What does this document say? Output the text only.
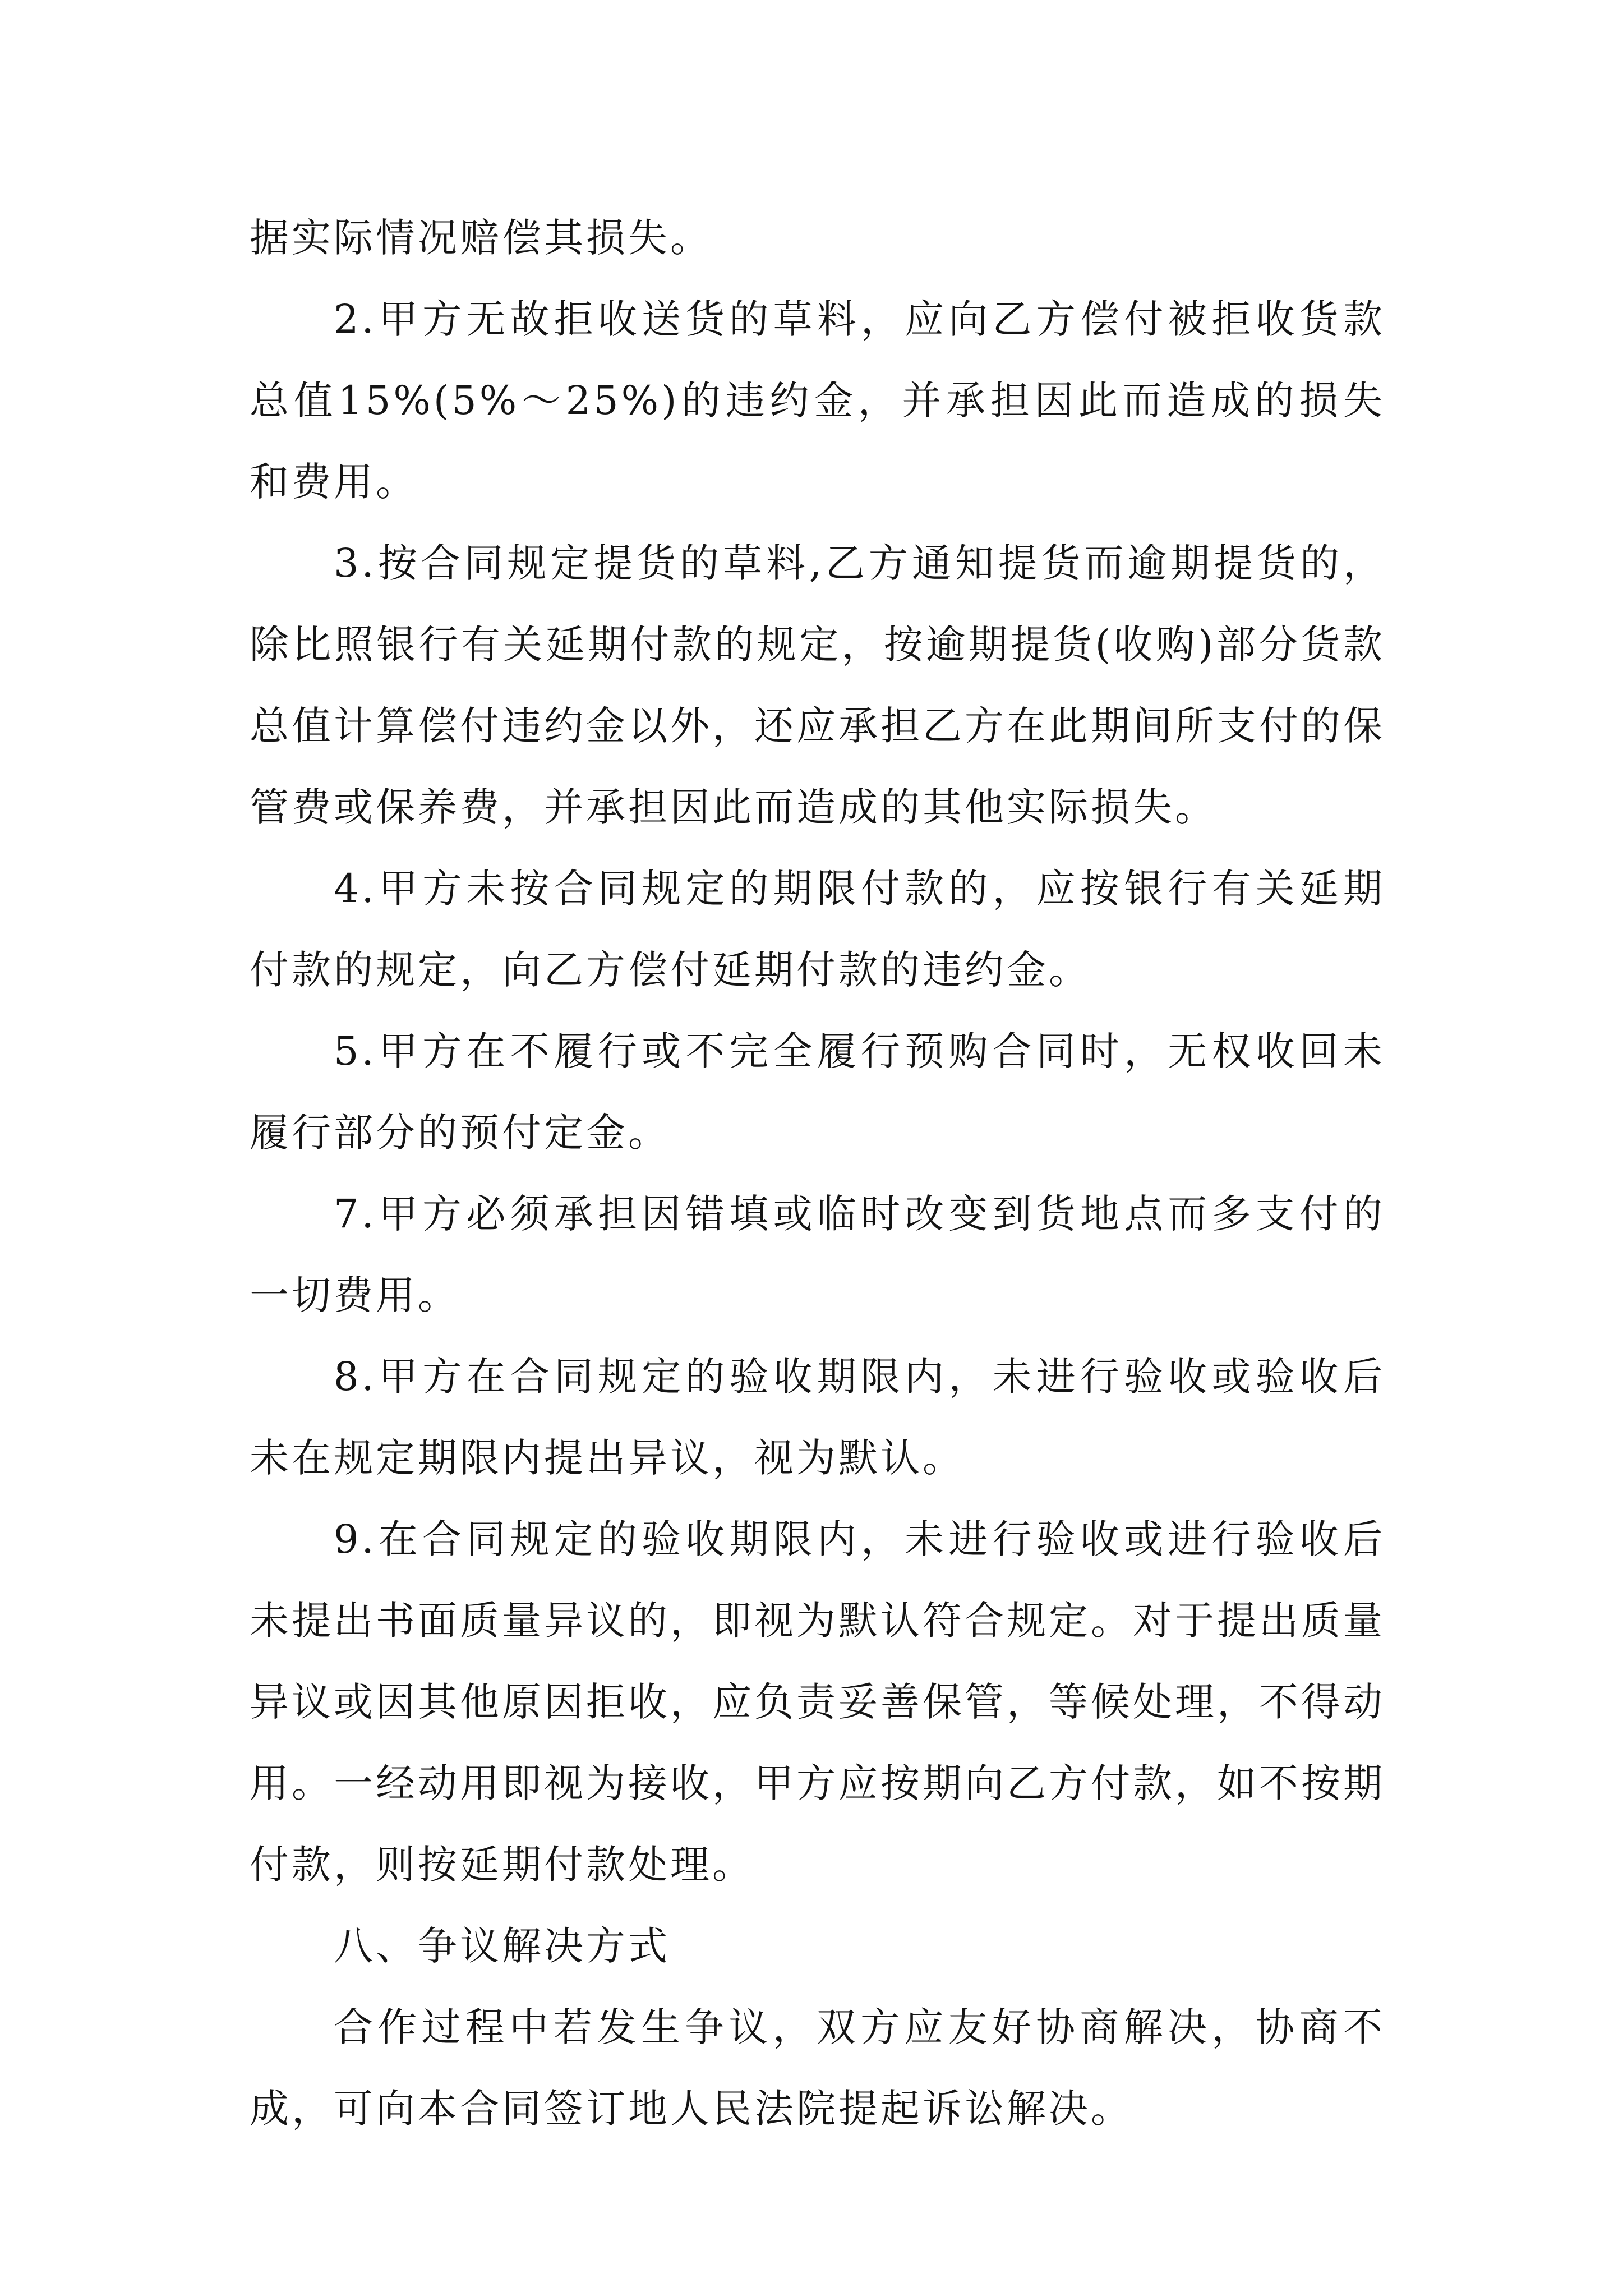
据实际情况赔偿其损失。

2.甲方无故拒收送货的草料，应向乙方偿付被拒收货款总值15%(5%～25%)的违约金，并承担因此而造成的损失和费用。

3.按合同规定提货的草料,乙方通知提货而逾期提货的，除比照银行有关延期付款的规定，按逾期提货(收购)部分货款总值计算偿付违约金以外，还应承担乙方在此期间所支付的保管费或保养费，并承担因此而造成的其他实际损失。

4.甲方未按合同规定的期限付款的，应按银行有关延期付款的规定，向乙方偿付延期付款的违约金。

5.甲方在不履行或不完全履行预购合同时，无权收回未履行部分的预付定金。

7.甲方必须承担因错填或临时改变到货地点而多支付的一切费用。

8.甲方在合同规定的验收期限内，未进行验收或验收后未在规定期限内提出异议，视为默认。

9.在合同规定的验收期限内，未进行验收或进行验收后未提出书面质量异议的，即视为默认符合规定。对于提出质量异议或因其他原因拒收，应负责妥善保管，等候处理，不得动用。一经动用即视为接收，甲方应按期向乙方付款，如不按期付款，则按延期付款处理。

八、争议解决方式

合作过程中若发生争议，双方应友好协商解决，协商不成，可向本合同签订地人民法院提起诉讼解决。
